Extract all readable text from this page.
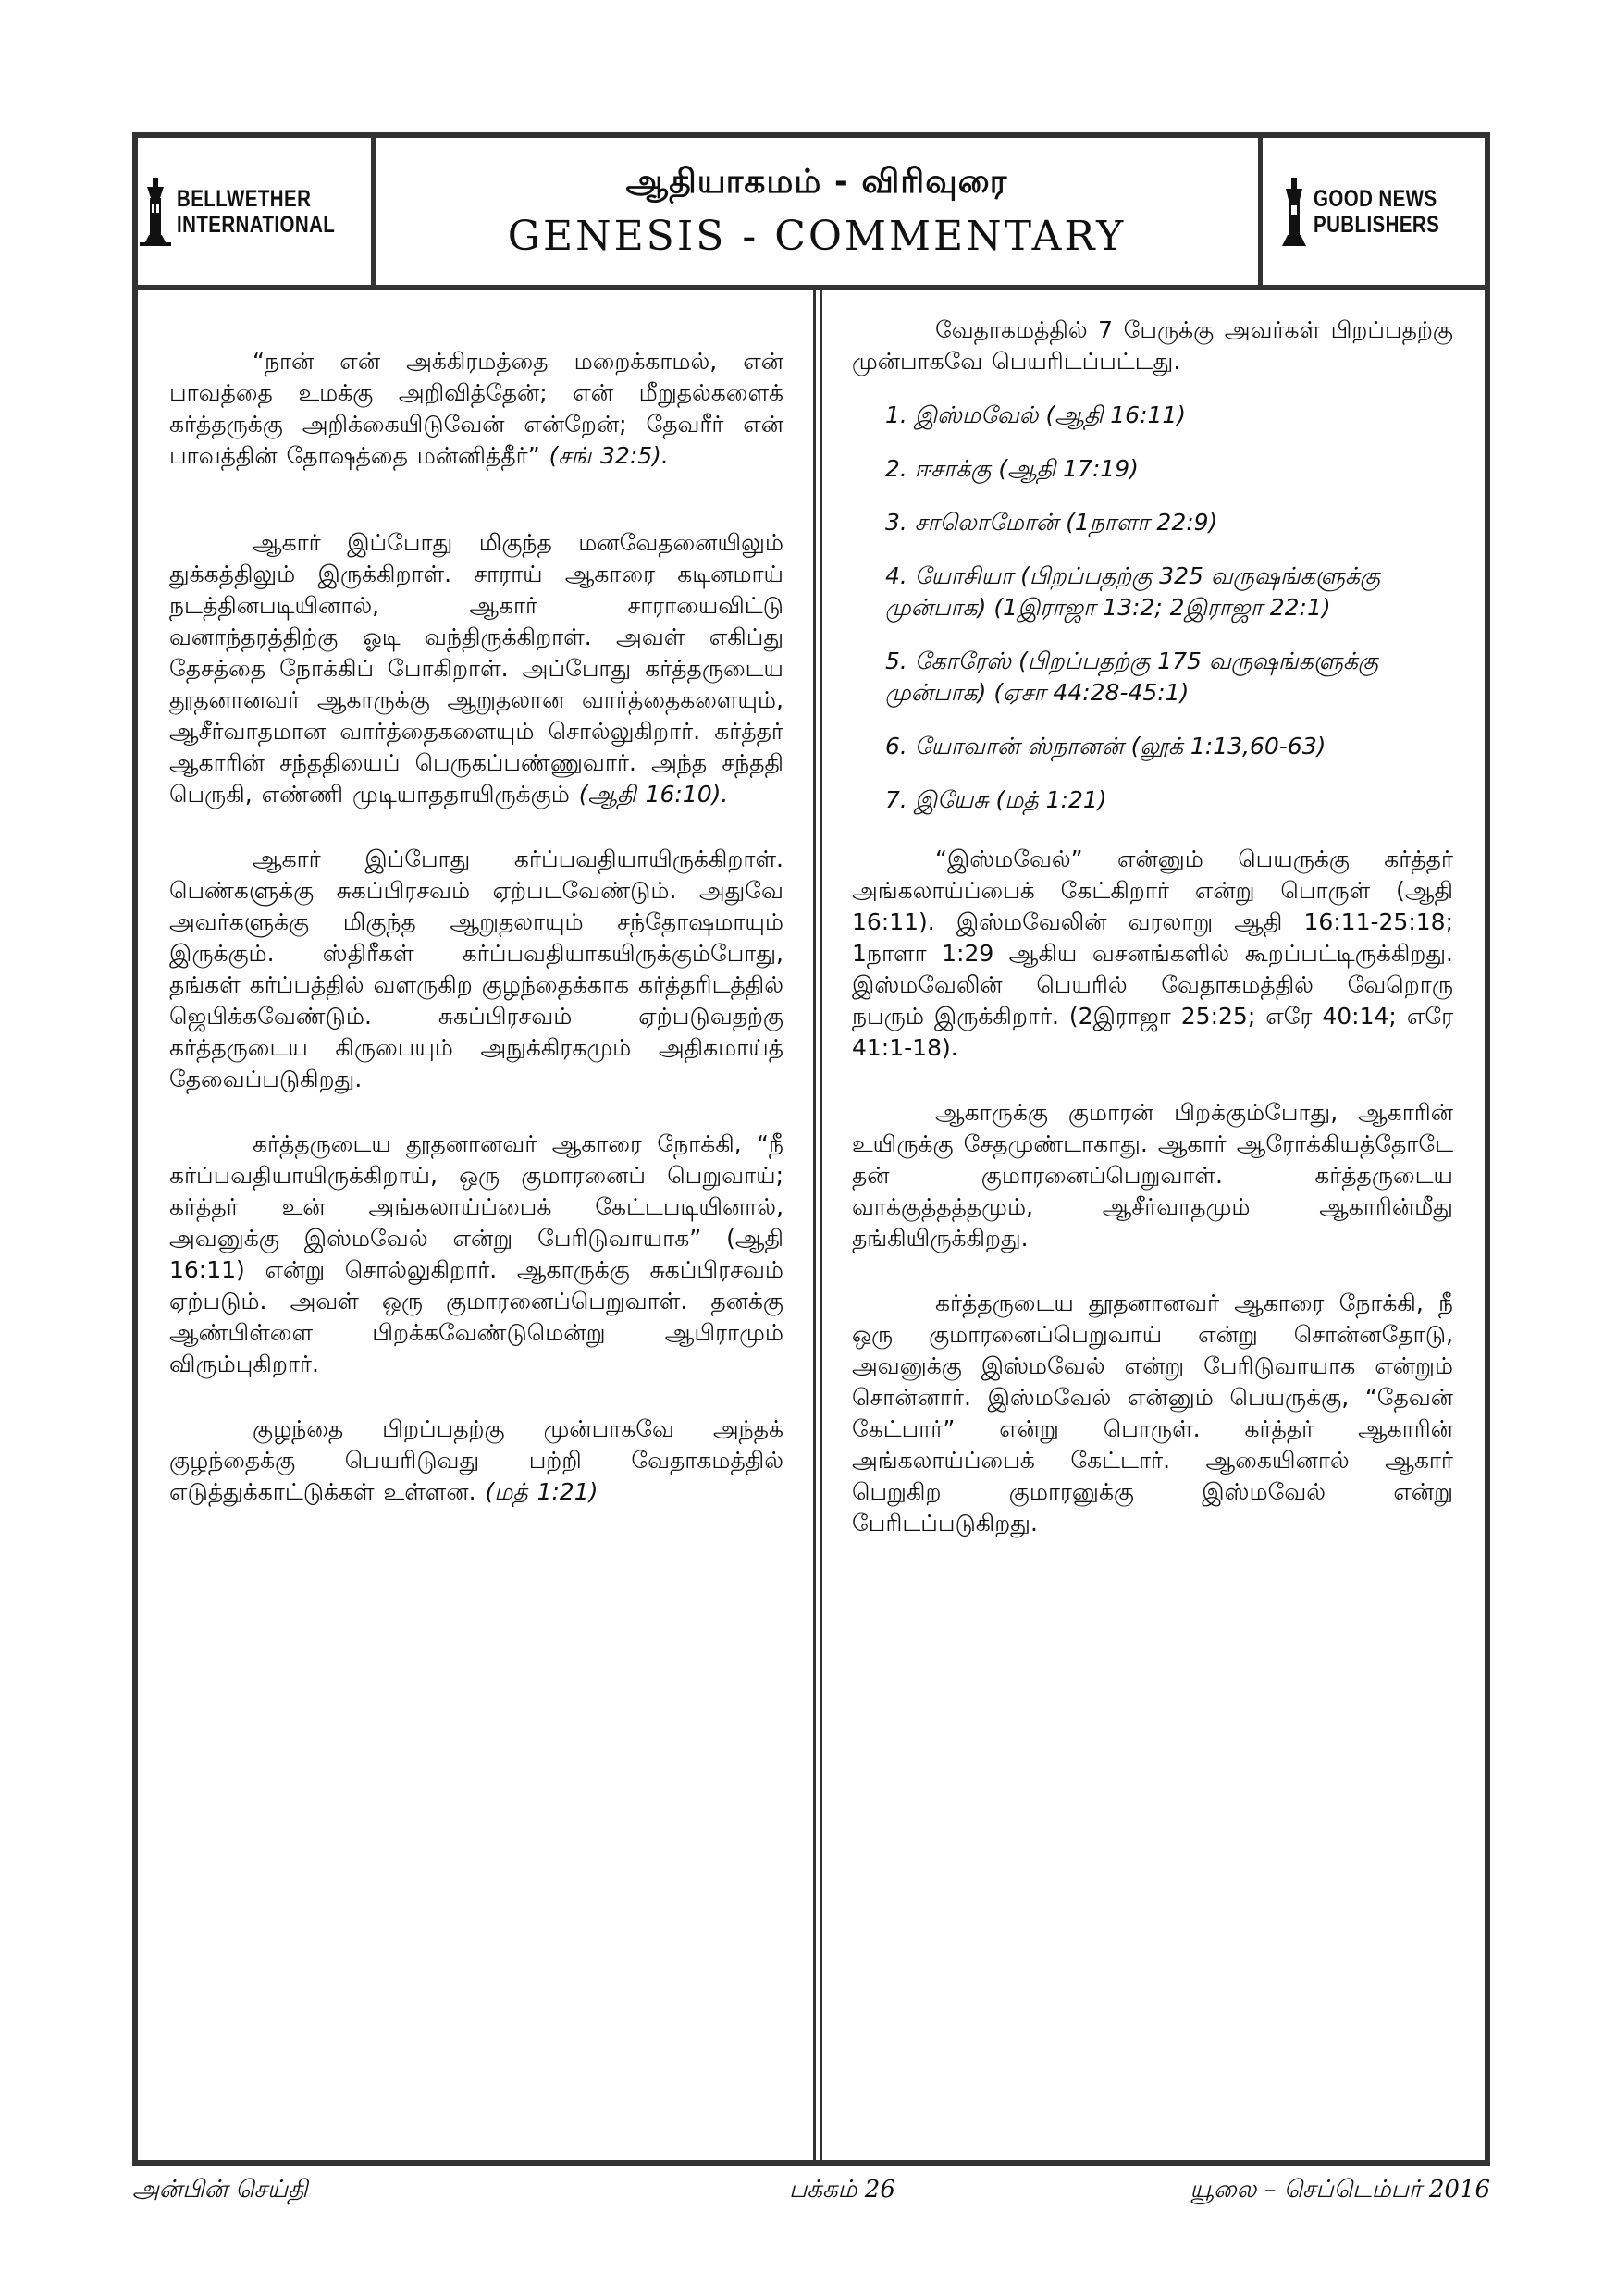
BELLWETHER
INTERNATIONAL
ஆதியாகமம் - விரிவுரை
GENESIS - COMMENTARY
GOOD NEWS
PUBLISHERS

“நான் என் அக்கிரமத்தை மறைக்காமல், என் பாவத்தை உமக்கு அறிவித்தேன்; என் மீறுதல்களைக் கர்த்தருக்கு அறிக்கையிடுவேன் என்றேன்; தேவரீர் என் பாவத்தின் தோஷத்தை மன்னித்தீர்” (சங் 32:5).

ஆகார் இப்போது மிகுந்த மனவேதனையிலும் துக்கத்திலும் இருக்கிறாள். சாராய் ஆகாரை கடினமாய் நடத்தினபடியினால், ஆகார் சாராயைவிட்டு வனாந்தரத்திற்கு ஓடி வந்திருக்கிறாள். அவள் எகிப்து தேசத்தை நோக்கிப் போகிறாள். அப்போது கர்த்தருடைய தூதனானவர் ஆகாருக்கு ஆறுதலான வார்த்தைகளையும், ஆசீர்வாதமான வார்த்தைகளையும் சொல்லுகிறார். கர்த்தர் ஆகாரின் சந்ததியைப் பெருகப்பண்ணுவார். அந்த சந்ததி பெருகி, எண்ணி முடியாததாயிருக்கும் (ஆதி 16:10).

ஆகார் இப்போது கர்ப்பவதியாயிருக்கிறாள். பெண்களுக்கு சுகப்பிரசவம் ஏற்படவேண்டும். அதுவே அவர்களுக்கு மிகுந்த ஆறுதலாயும் சந்தோஷமாயும் இருக்கும். ஸ்திரீகள் கர்ப்பவதியாகயிருக்கும்போது, தங்கள் கர்ப்பத்தில் வளருகிற குழந்தைக்காக கர்த்தரிடத்தில் ஜெபிக்கவேண்டும். சுகப்பிரசவம் ஏற்படுவதற்கு கர்த்தருடைய கிருபையும் அநுக்கிரகமும் அதிகமாய்த் தேவைப்படுகிறது.

கர்த்தருடைய தூதனானவர் ஆகாரை நோக்கி, “நீ கர்ப்பவதியாயிருக்கிறாய், ஒரு குமாரனைப் பெறுவாய்; கர்த்தர் உன் அங்கலாய்ப்பைக் கேட்டபடியினால், அவனுக்கு இஸ்மவேல் என்று பேரிடுவாயாக” (ஆதி 16:11) என்று சொல்லுகிறார். ஆகாருக்கு சுகப்பிரசவம் ஏற்படும். அவள் ஒரு குமாரனைப்பெறுவாள். தனக்கு ஆண்பிள்ளை பிறக்கவேண்டுமென்று ஆபிராமும் விரும்புகிறார்.

குழந்தை பிறப்பதற்கு முன்பாகவே அந்தக் குழந்தைக்கு பெயரிடுவது பற்றி வேதாகமத்தில் எடுத்துக்காட்டுக்கள் உள்ளன. (மத் 1:21)

வேதாகமத்தில் 7 பேருக்கு அவர்கள் பிறப்பதற்கு முன்பாகவே பெயரிடப்பட்டது.

1. இஸ்மவேல் (ஆதி 16:11)
2. ஈசாக்கு (ஆதி 17:19)
3. சாலொமோன் (1நாளா 22:9)
4. யோசியா (பிறப்பதற்கு 325 வருஷங்களுக்கு முன்பாக) (1இராஜா 13:2; 2இராஜா 22:1)
5. கோரேஸ் (பிறப்பதற்கு 175 வருஷங்களுக்கு முன்பாக) (ஏசா 44:28-45:1)
6. யோவான் ஸ்நானன் (லூக் 1:13,60-63)
7. இயேசு (மத் 1:21)

“இஸ்மவேல்” என்னும் பெயருக்கு கர்த்தர் அங்கலாய்ப்பைக் கேட்கிறார் என்று பொருள் (ஆதி 16:11). இஸ்மவேலின் வரலாறு ஆதி 16:11-25:18; 1நாளா 1:29 ஆகிய வசனங்களில் கூறப்பட்டிருக்கிறது. இஸ்மவேலின் பெயரில் வேதாகமத்தில் வேறொரு நபரும் இருக்கிறார். (2இராஜா 25:25; எரே 40:14; எரே 41:1-18).

ஆகாருக்கு குமாரன் பிறக்கும்போது, ஆகாரின் உயிருக்கு சேதமுண்டாகாது. ஆகார் ஆரோக்கியத்தோடே தன் குமாரனைப்பெறுவாள். கர்த்தருடைய வாக்குத்தத்தமும், ஆசீர்வாதமும் ஆகாரின்மீது தங்கியிருக்கிறது.

கர்த்தருடைய தூதனானவர் ஆகாரை நோக்கி, நீ ஒரு குமாரனைப்பெறுவாய் என்று சொன்னதோடு, அவனுக்கு இஸ்மவேல் என்று பேரிடுவாயாக என்றும் சொன்னார். இஸ்மவேல் என்னும் பெயருக்கு, “தேவன் கேட்பார்” என்று பொருள். கர்த்தர் ஆகாரின் அங்கலாய்ப்பைக் கேட்டார். ஆகையினால் ஆகார் பெறுகிற குமாரனுக்கு இஸ்மவேல் என்று பேரிடப்படுகிறது.

அன்பின் செய்தி	பக்கம் 26	யூலை – செப்டெம்பர் 2016
